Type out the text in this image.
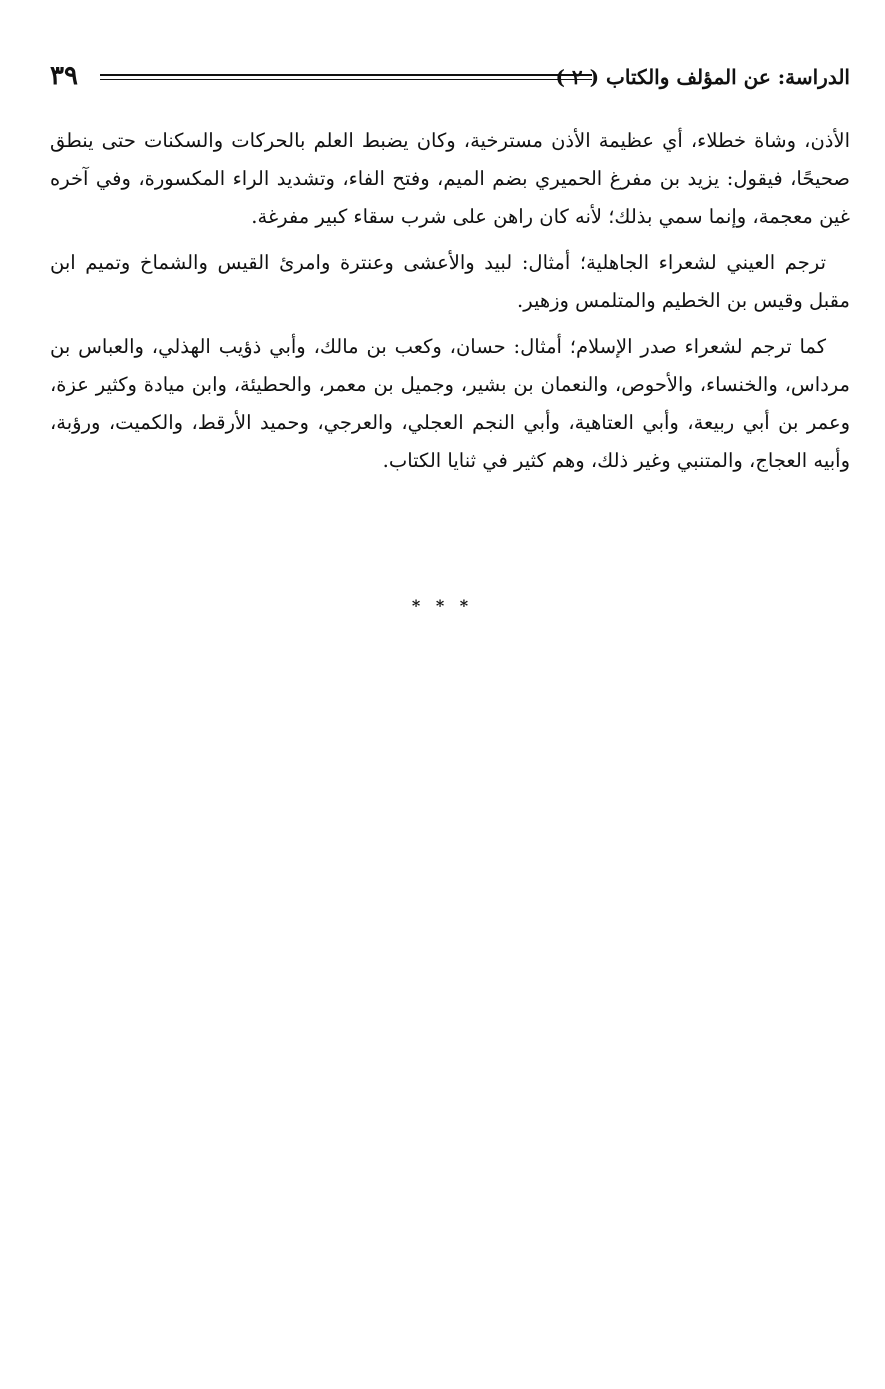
الدراسة: عن المؤلف والكتاب ( ٢ )
٣٩

الأذن، وشاة خطلاء، أي عظيمة الأذن مسترخية، وكان يضبط العلم بالحركات والسكنات حتى ينطق صحيحًا، فيقول: يزيد بن مفرغ الحميري بضم الميم، وفتح الفاء، وتشديد الراء المكسورة، وفي آخره غين معجمة، وإنما سمي بذلك؛ لأنه كان راهن على شرب سقاء كبير مفرغة.

ترجم العيني لشعراء الجاهلية؛ أمثال: لبيد والأعشى وعنترة وامرئ القيس والشماخ وتميم ابن مقبل وقيس بن الخطيم والمتلمس وزهير.

كما ترجم لشعراء صدر الإسلام؛ أمثال: حسان، وكعب بن مالك، وأبي ذؤيب الهذلي، والعباس بن مرداس، والخنساء، والأحوص، والنعمان بن بشير، وجميل بن معمر، والحطيئة، وابن ميادة وكثير عزة، وعمر بن أبي ربيعة، وأبي العتاهية، وأبي النجم العجلي، والعرجي، وحميد الأرقط، والكميت، ورؤبة، وأبيه العجاج، والمتنبي وغير ذلك، وهم كثير في ثنايا الكتاب.

* * *
